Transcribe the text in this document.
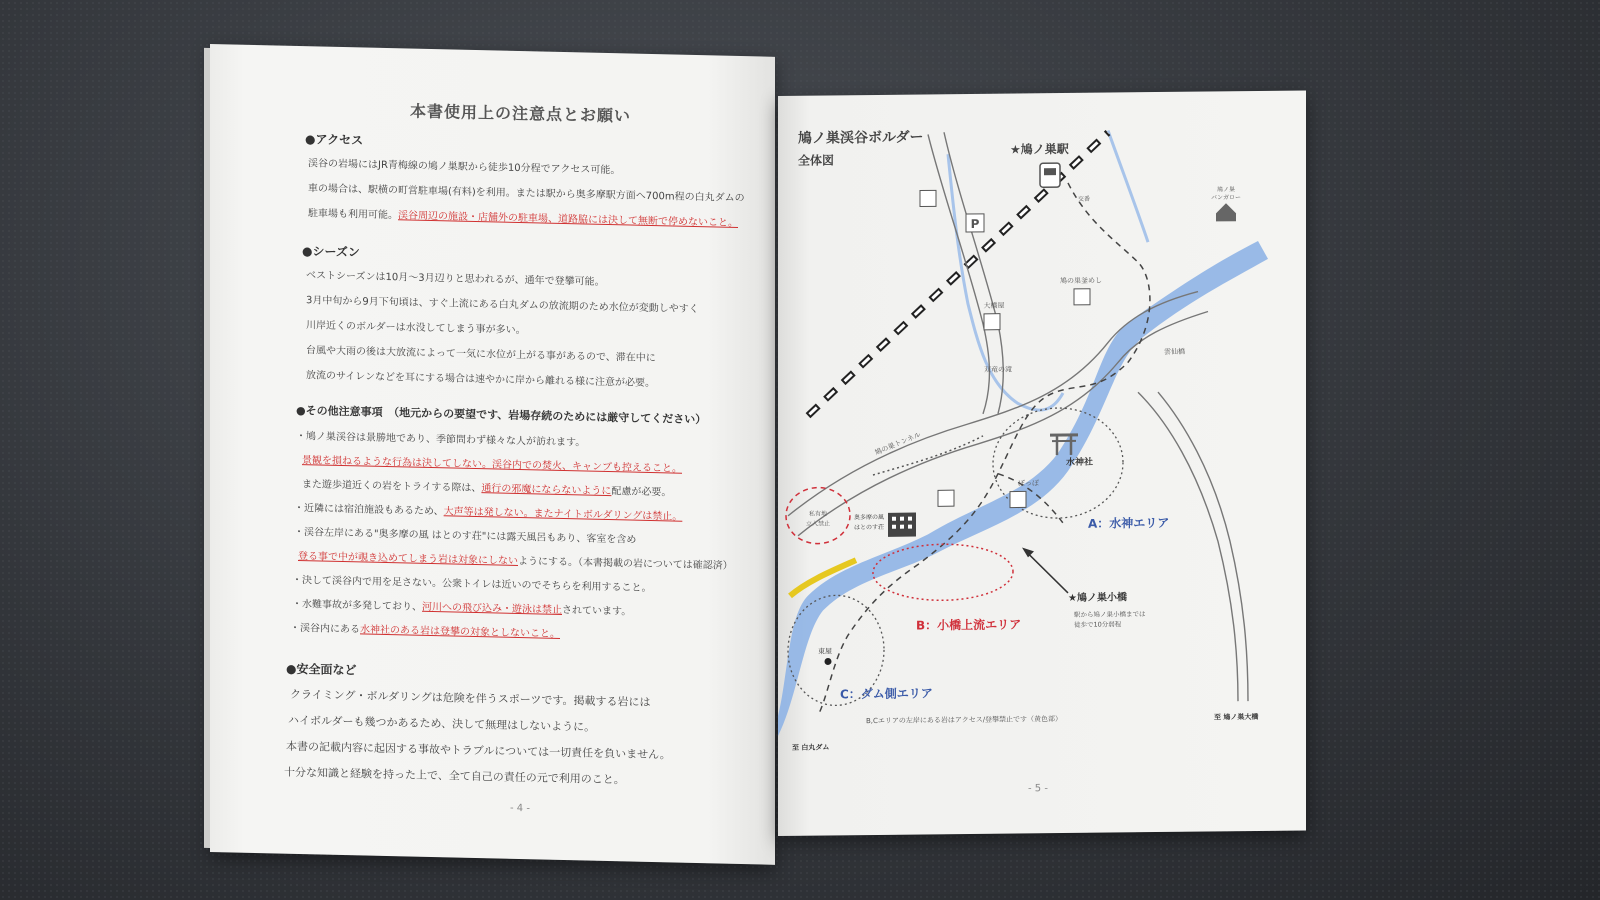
本書使用上の注意点とお願い
●アクセス
渓谷の岩場にはJR青梅線の鳩ノ巣駅から徒歩10分程でアクセス可能。
車の場合は、駅横の町営駐車場(有料)を利用。または駅から奥多摩駅方面へ700m程の白丸ダムの
駐車場も利用可能。渓谷周辺の施設・店舗外の駐車場、道路脇には決して無断で停めないこと。
●シーズン
ベストシーズンは10月～3月辺りと思われるが、通年で登攀可能。
3月中旬から9月下旬頃は、すぐ上流にある白丸ダムの放流期のため水位が変動しやすく
川岸近くのボルダーは水没してしまう事が多い。
台風や大雨の後は大放流によって一気に水位が上がる事があるので、滞在中に
放流のサイレンなどを耳にする場合は速やかに岸から離れる様に注意が必要。
●その他注意事項　（地元からの要望です、岩場存続のためには厳守してください）
・鳩ノ巣渓谷は景勝地であり、季節問わず様々な人が訪れます。
景観を損ねるような行為は決してしない。渓谷内での焚火、キャンプも控えること。
また遊歩道近くの岩をトライする際は、通行の邪魔にならないように配慮が必要。
・近隣には宿泊施設もあるため、大声等は発しない。またナイトボルダリングは禁止。
・渓谷左岸にある"奥多摩の風 はとのす荘"には露天風呂もあり、客室を含め
登る事で中が覗き込めてしまう岩は対象にしないようにする。（本書掲載の岩については確認済）
・決して渓谷内で用を足さない。公衆トイレは近いのでそちらを利用すること。
・水難事故が多発しており、河川への飛び込み・遊泳は禁止されています。
・渓谷内にある水神社のある岩は登攀の対象としないこと。
●安全面など
クライミング・ボルダリングは危険を伴うスポーツです。掲載する岩には
ハイボルダーも幾つかあるため、決して無理はしないように。
本書の記載内容に起因する事故やトラブルについては一切責任を負いません。
十分な知識と経験を持った上で、全て自己の責任の元で利用のこと。
- 4 -
鳩ノ巣渓谷ボルダー
全体図
P
★鳩ノ巣駅
交番
鳩ノ巣
バンガロー
大橋屋
鳩の巣釜めし
雲仙橋
鳩の巣トンネル
双竜の滝
水神社
ぼっぽ
A：水神エリア
B：小橋上流エリア
C：ダム側エリア
私有地
立入禁止
奥多摩の風
はとのす荘
★鳩ノ巣小橋
駅から鳩ノ巣小橋までは
徒歩で10分弱程
東屋
至 白丸ダム
至 鳩ノ巣大橋
B,Cエリアの左岸にある岩はアクセス/登攀禁止です（黄色部）
- 5 -
